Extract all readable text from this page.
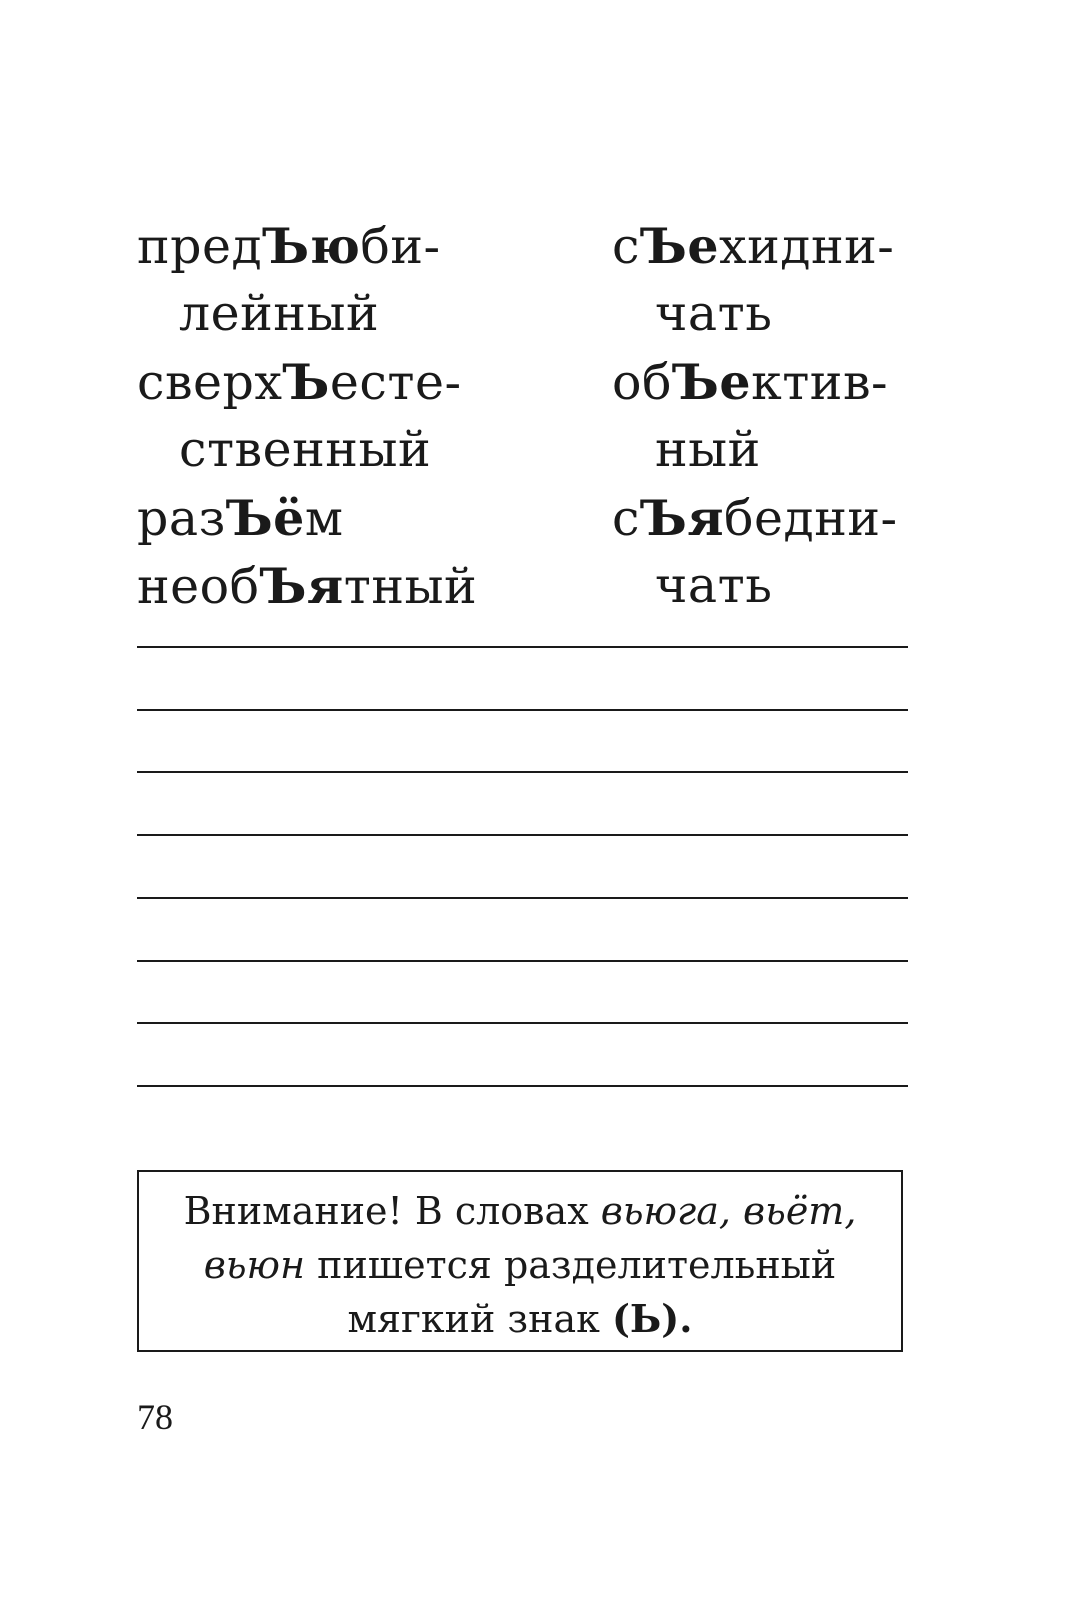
предЪюби-
лейный
сверхЪесте-
ственный
разЪём
необЪятный
сЪехидни-
чать
обЪектив-
ный
сЪябедни-
чать
Внимание! В словах вьюга, вьёт,
вьюн пишется разделительный
мягкий знак (Ь).
78
